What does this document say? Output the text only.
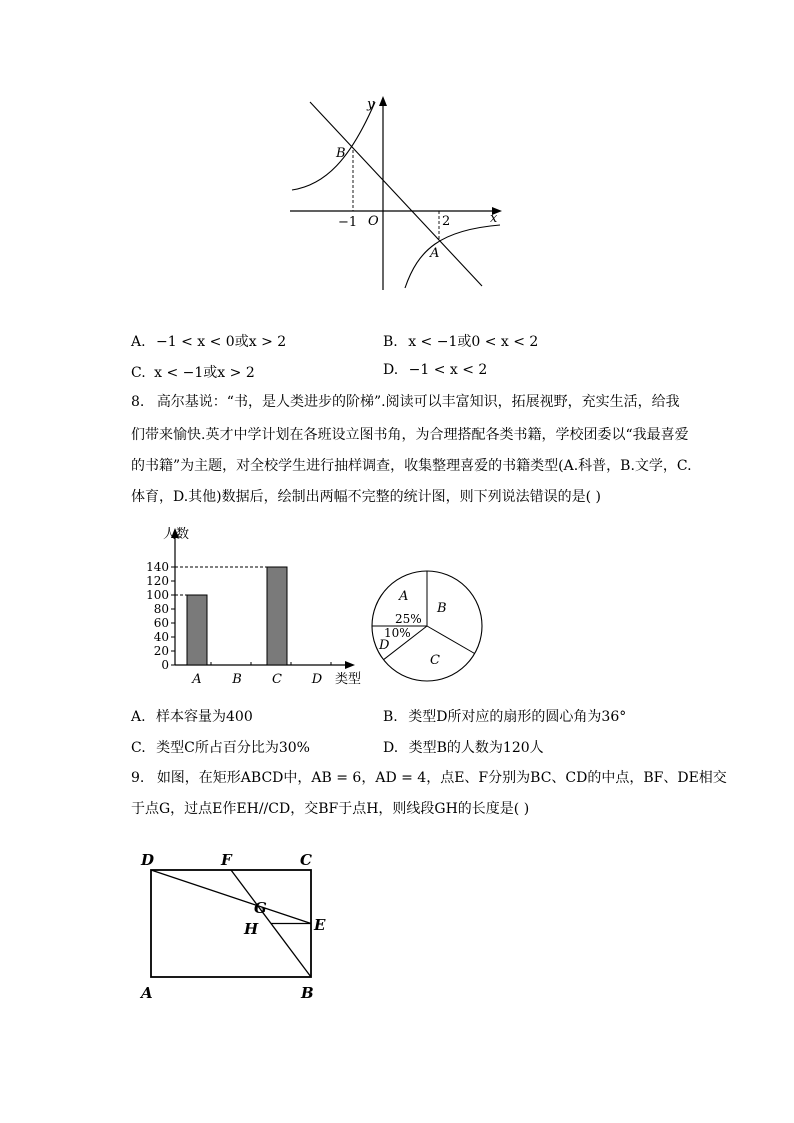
y
x
O
B
A
−1	2
A. −1 < x < 0或x > 2	B. x < −1或0 < x < 2
C. x < −1或x > 2	D. −1 < x < 2
8. 高尔基说：“书，是人类进步的阶梯”.阅读可以丰富知识，拓展视野，充实生活，给我
们带来愉快.英才中学计划在各班设立图书角，为合理搭配各类书籍，学校团委以“我最喜爱
的书籍”为主题，对全校学生进行抽样调查，收集整理喜爱的书籍类型(A.科普，B.文学，C.
体育，D.其他)数据后，绘制出两幅不完整的统计图，则下列说法错误的是( )
0
20
40
60
80
100
120
140
A B C D
人数
类型
A
25%
B
C
10%
D
A. 样本容量为400	B. 类型D所对应的扇形的圆心角为36°
C. 类型C所占百分比为30%	D. 类型B的人数为120人
9. 如图，在矩形ABCD中，AB = 6，AD = 4，点E、F分别为BC、CD的中点，BF、DE相交
于点G，过点E作EH//CD，交BF于点H，则线段GH的长度是( )
D	F	C
G
H	E
A	B
